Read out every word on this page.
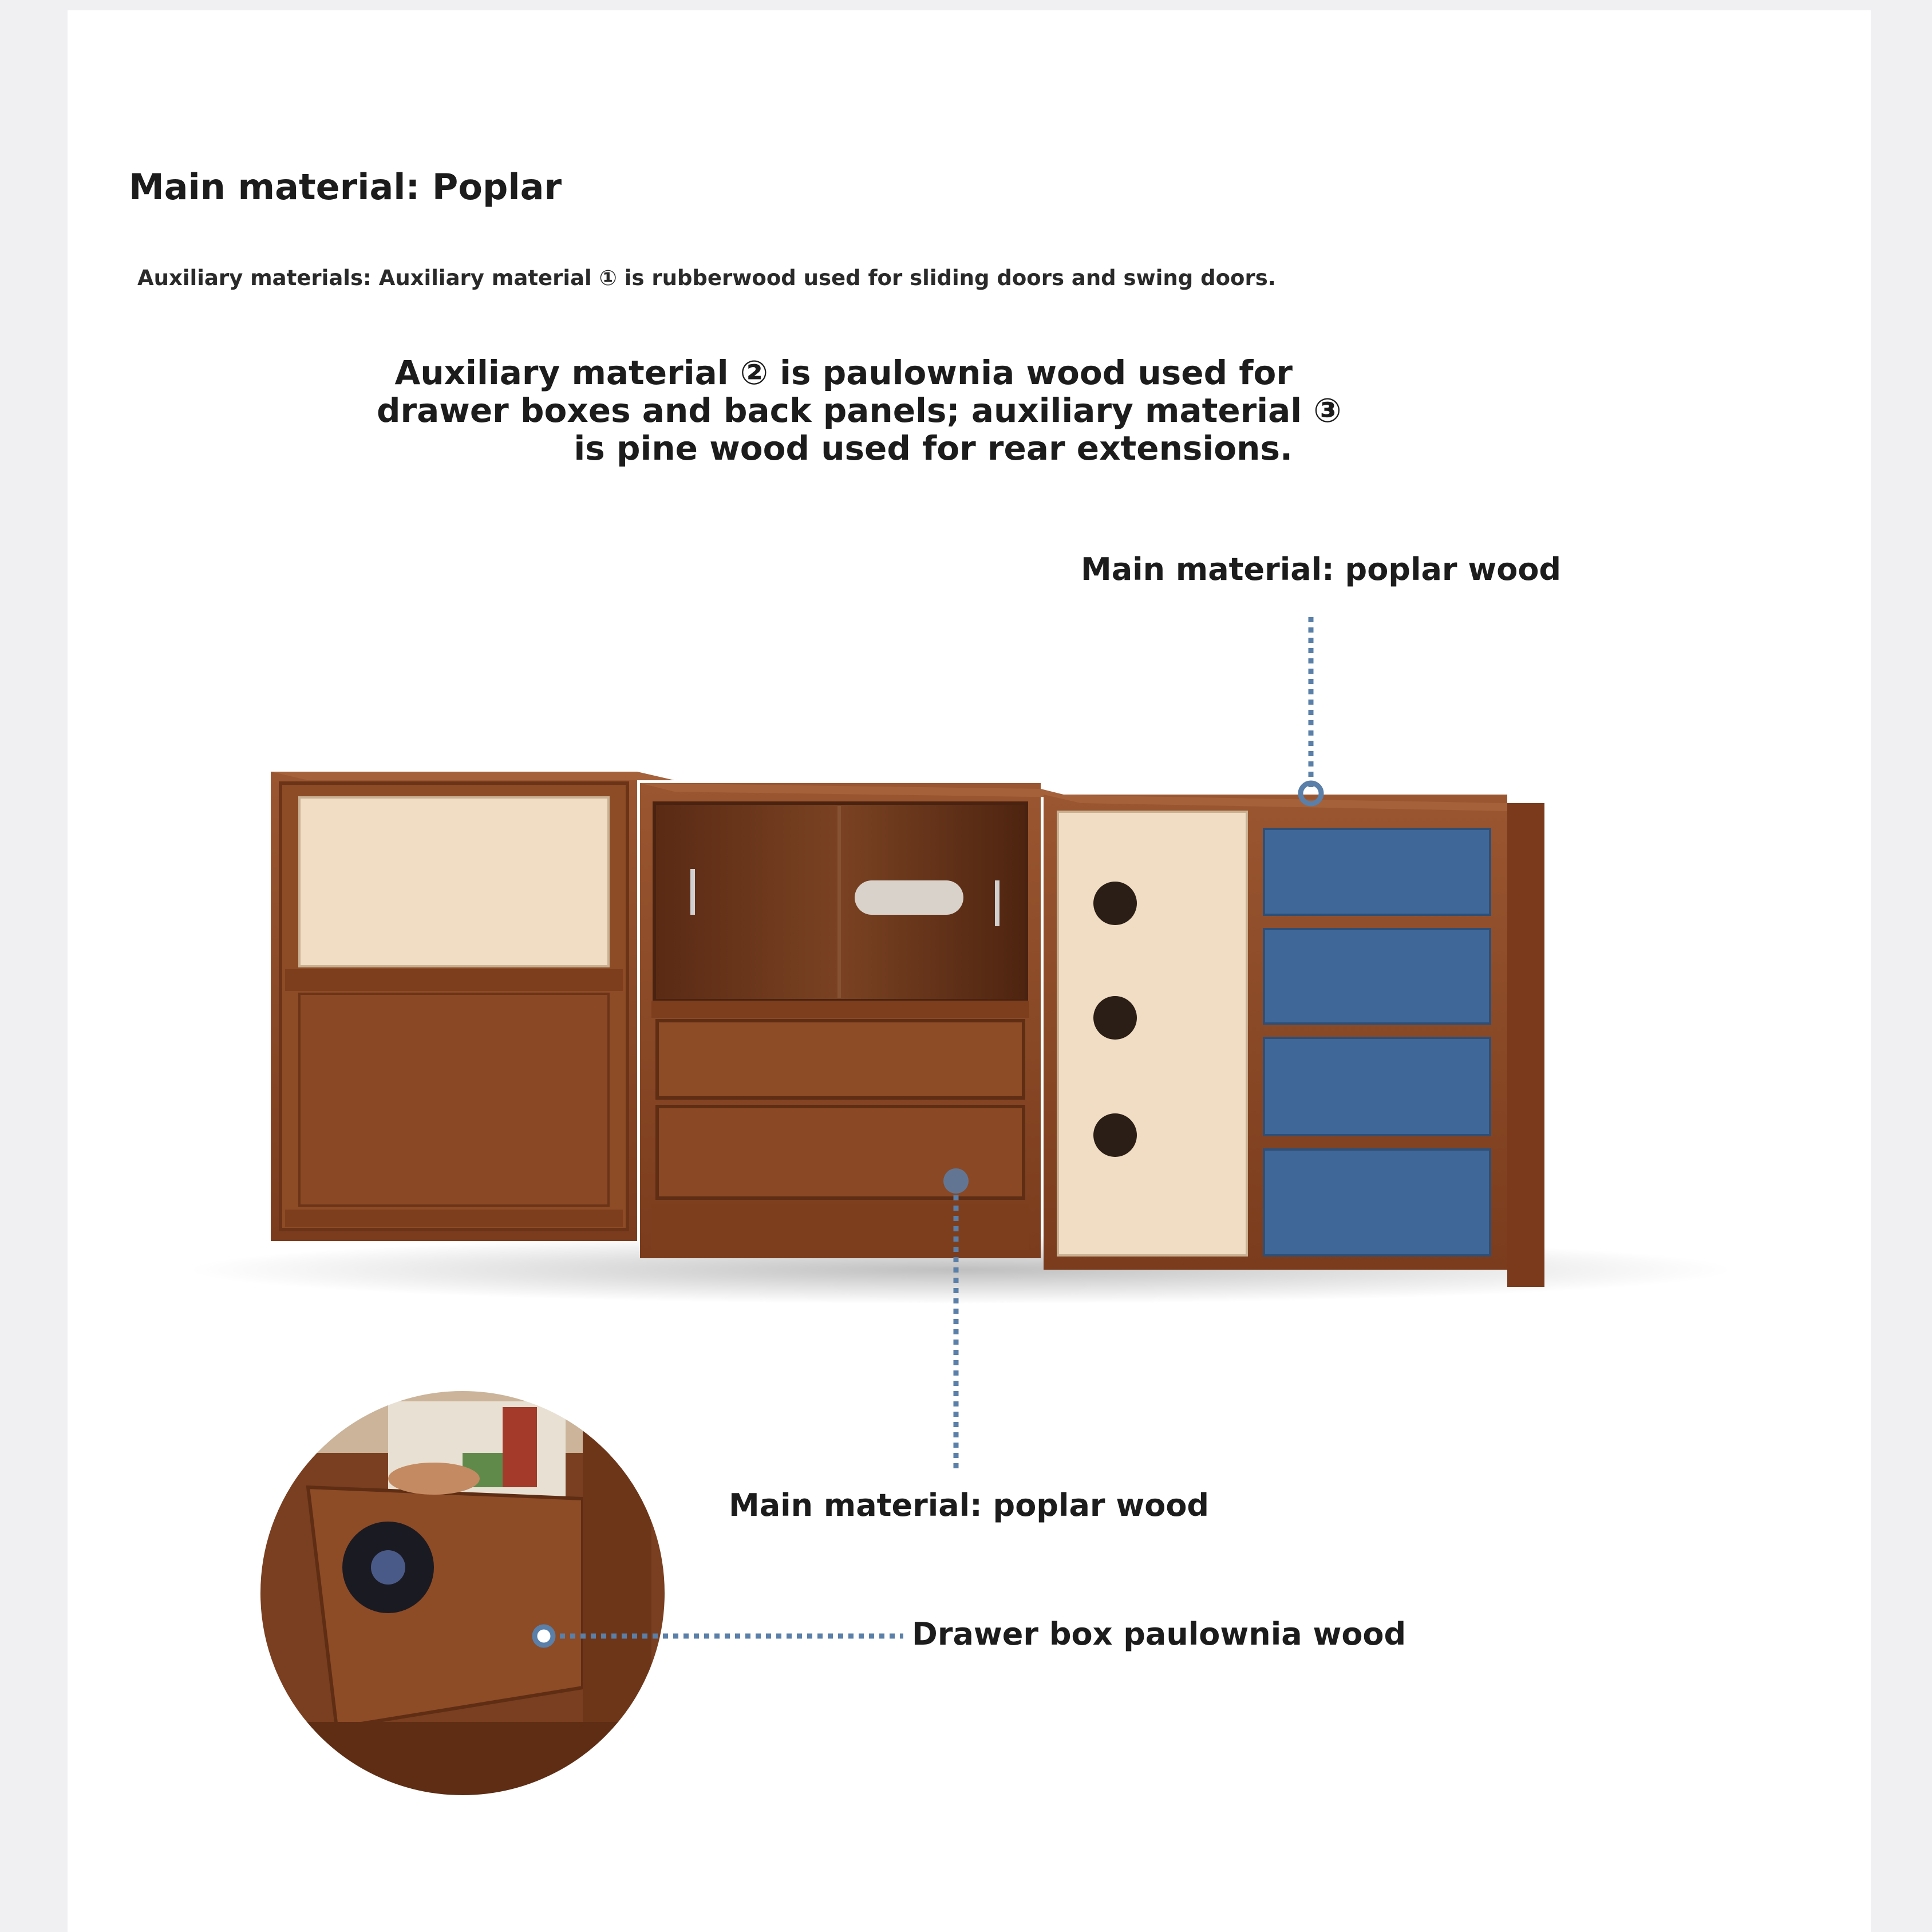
Main material: Poplar

Auxiliary materials: Auxiliary material ① is rubberwood used for sliding doors and swing doors.

Auxiliary material ② is paulownia wood used for
drawer boxes and back panels; auxiliary material ③
is pine wood used for rear extensions.
Main material: poplar wood
Main material: poplar wood
Drawer box paulownia wood
